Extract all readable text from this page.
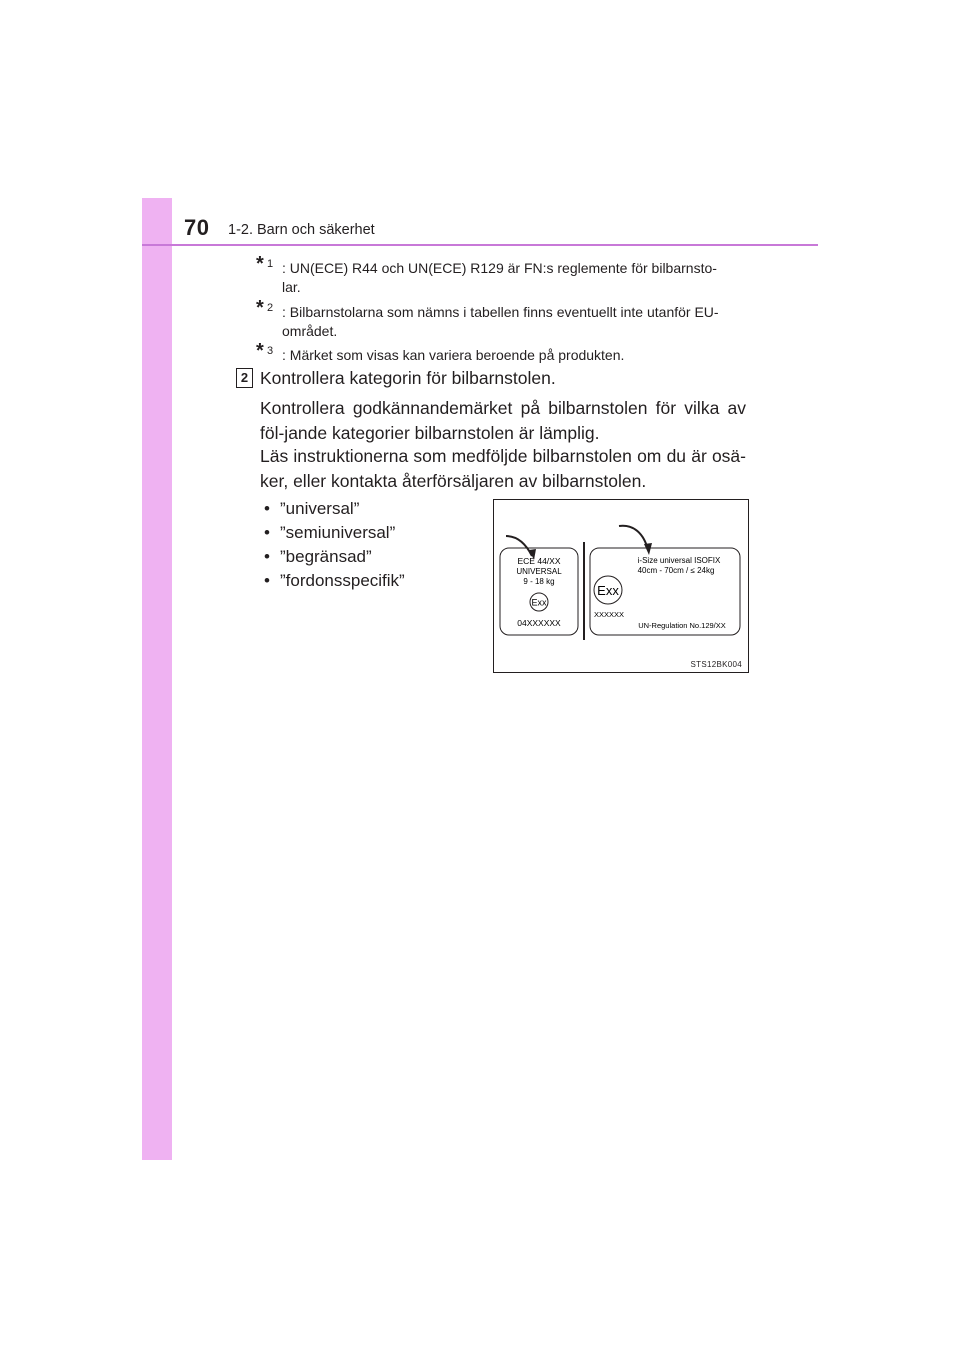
70 1-2. Barn och säkerhet
* 1 : UN(ECE) R44 och UN(ECE) R129 är FN:s reglemente för bilbarnsto-
lar.
* 2 : Bilbarnstolarna som nämns i tabellen finns eventuellt inte utanför EU-
området.
* 3 : Märket som visas kan variera beroende på produkten.
2 Kontrollera kategorin för bilbarnstolen.
Kontrollera godkännandemärket på bilbarnstolen för vilka av föl-jande kategorier bilbarnstolen är lämplig.
Läs instruktionerna som medföljde bilbarnstolen om du är osä-ker, eller kontakta återförsäljaren av bilbarnstolen.
• ”universal”
• ”semiuniversal”
• ”begränsad”
• ”fordonsspecifik”
ECE 44/XX
UNIVERSAL
9 - 18 kg
Exx
04XXXXXX
i-Size universal ISOFIX
40cm - 70cm / ≤ 24kg
Exx
XXXXXX
UN-Regulation No.129/XX
STS12BK004
